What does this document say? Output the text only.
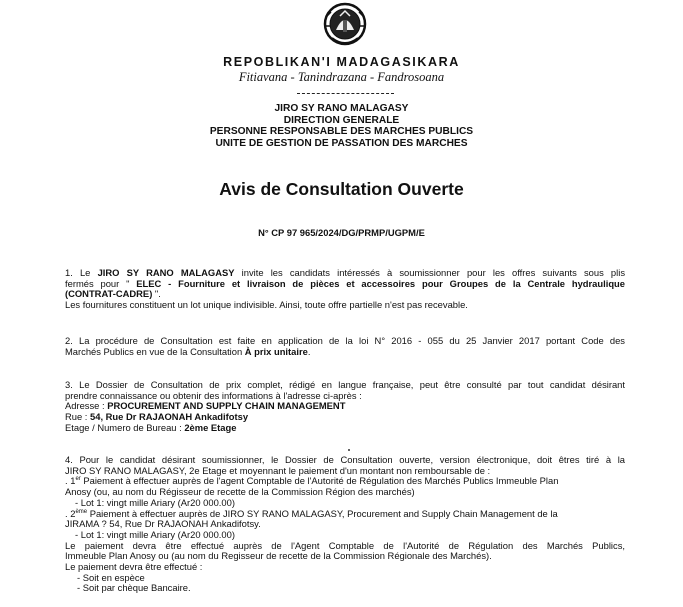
REPOBLIKAN'I MADAGASIKARA
Fitiavana - Tanindrazana - Fandrosoana
JIRO SY RANO MALAGASY
DIRECTION GENERALE
PERSONNE RESPONSABLE DES MARCHES PUBLICS
UNITE DE GESTION DE PASSATION DES MARCHES
Avis de Consultation Ouverte
N° CP 97 965/2024/DG/PRMP/UGPM/E
1. Le JIRO SY RANO MALAGASY invite les candidats intéressés à soumissionner pour les offres suivants sous plis
fermés pour " ELEC - Fourniture et livraison de pièces et accessoires pour Groupes de la Centrale hydraulique
(CONTRAT-CADRE) ".
Les fournitures constituent un lot unique indivisible. Ainsi, toute offre partielle n'est pas recevable.
2. La procédure de Consultation est faite en application de la loi N° 2016 - 055 du 25 Janvier 2017 portant Code des
Marchés Publics en vue de la Consultation À prix unitaire.
3. Le Dossier de Consultation de prix complet, rédigé en langue française, peut être consulté par tout candidat désirant
prendre connaissance ou obtenir des informations à l'adresse ci-après :
Adresse : PROCUREMENT AND SUPPLY CHAIN MANAGEMENT
Rue : 54, Rue Dr RAJAONAH Ankadifotsy
Etage / Numero de Bureau : 2ème Etage
4. Pour le candidat désirant soumissionner, le Dossier de Consultation ouverte, version électronique, doit êtres tiré à la
JIRO SY RANO MALAGASY, 2e Etage et moyennant le paiement d'un montant non remboursable de :
. 1er Paiement à effectuer auprès de l'agent Comptable de l'Autorité de Régulation des Marchés Publics Immeuble Plan
Anosy (ou, au nom du Régisseur de recette de la Commission Région des marchés)
- Lot 1: vingt mille Ariary (Ar20 000.00)
. 2ème Paiement à effectuer auprès de JIRO SY RANO MALAGASY, Procurement and Supply Chain Management de la
JIRAMA ? 54, Rue Dr RAJAONAH Ankadifotsy.
- Lot 1: vingt mille Ariary (Ar20 000.00)
Le paiement devra être effectué auprès de l'Agent Comptable de l'Autorité de Régulation des Marchés Publics,
Immeuble Plan Anosy ou (au nom du Regisseur de recette de la Commission Régionale des Marchés).
Le paiement devra être effectué :
- Soit en espèce
- Soit par chèque Bancaire.
